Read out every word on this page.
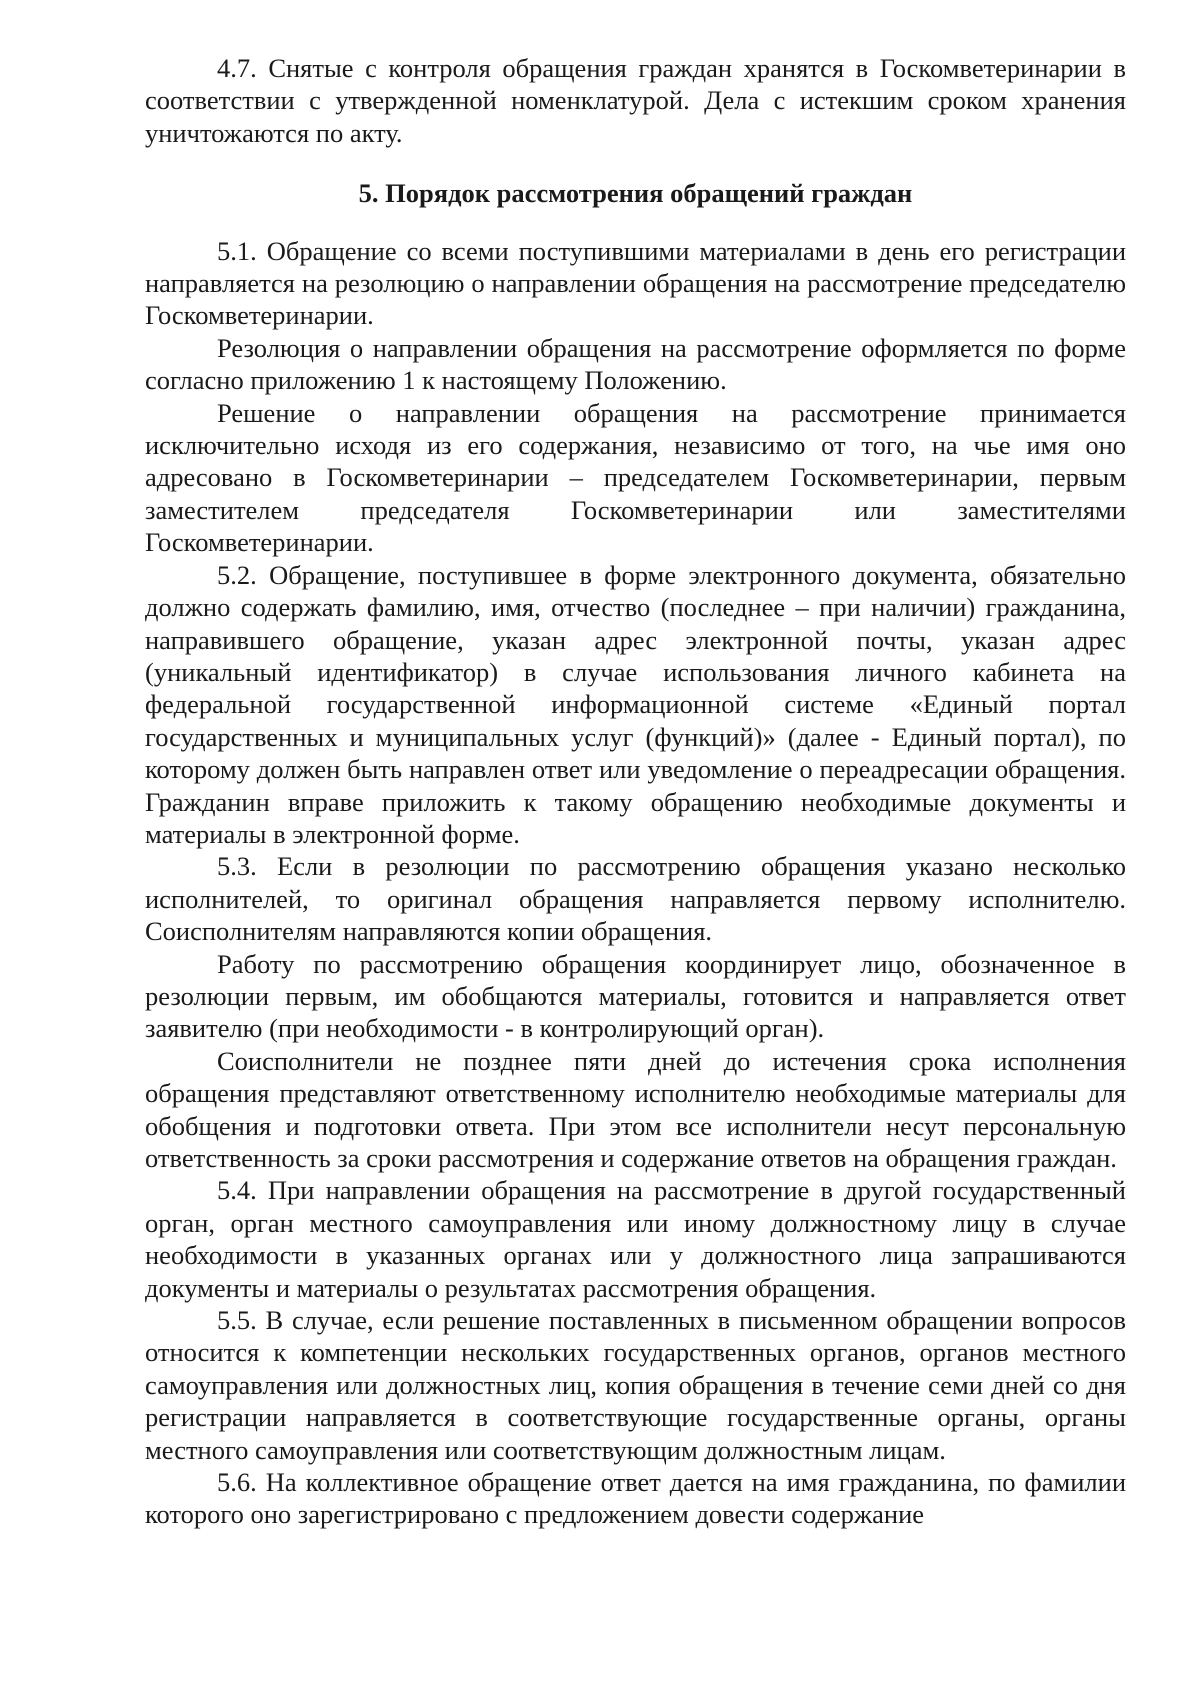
4.7. Снятые с контроля обращения граждан хранятся в Госкомветеринарии в соответствии с утвержденной номенклатурой. Дела с истекшим сроком хранения уничтожаются по акту.

5. Порядок рассмотрения обращений граждан

5.1. Обращение со всеми поступившими материалами в день его регистрации направляется на резолюцию о направлении обращения на рассмотрение председателю Госкомветеринарии.

Резолюция о направлении обращения на рассмотрение оформляется по форме согласно приложению 1 к настоящему Положению.

Решение о направлении обращения на рассмотрение принимается исключительно исходя из его содержания, независимо от того, на чье имя оно адресовано в Госкомветеринарии – председателем Госкомветеринарии, первым заместителем председателя Госкомветеринарии или заместителями Госкомветеринарии.

5.2. Обращение, поступившее в форме электронного документа, обязательно должно содержать фамилию, имя, отчество (последнее – при наличии) гражданина, направившего обращение, указан адрес электронной почты, указан адрес (уникальный идентификатор) в случае использования личного кабинета на федеральной государственной информационной системе «Единый портал государственных и муниципальных услуг (функций)» (далее - Единый портал), по которому должен быть направлен ответ или уведомление о переадресации обращения. Гражданин вправе приложить к такому обращению необходимые документы и материалы в электронной форме.

5.3. Если в резолюции по рассмотрению обращения указано несколько исполнителей, то оригинал обращения направляется первому исполнителю. Соисполнителям направляются копии обращения.

Работу по рассмотрению обращения координирует лицо, обозначенное в резолюции первым, им обобщаются материалы, готовится и направляется ответ заявителю (при необходимости - в контролирующий орган).

Соисполнители не позднее пяти дней до истечения срока исполнения обращения представляют ответственному исполнителю необходимые материалы для обобщения и подготовки ответа. При этом все исполнители несут персональную ответственность за сроки рассмотрения и содержание ответов на обращения граждан.

5.4. При направлении обращения на рассмотрение в другой государственный орган, орган местного самоуправления или иному должностному лицу в случае необходимости в указанных органах или у должностного лица запрашиваются документы и материалы о результатах рассмотрения обращения.

5.5. В случае, если решение поставленных в письменном обращении вопросов относится к компетенции нескольких государственных органов, органов местного самоуправления или должностных лиц, копия обращения в течение семи дней со дня регистрации направляется в соответствующие государственные органы, органы местного самоуправления или соответствующим должностным лицам.

5.6. На коллективное обращение ответ дается на имя гражданина, по фамилии которого оно зарегистрировано с предложением довести содержание
